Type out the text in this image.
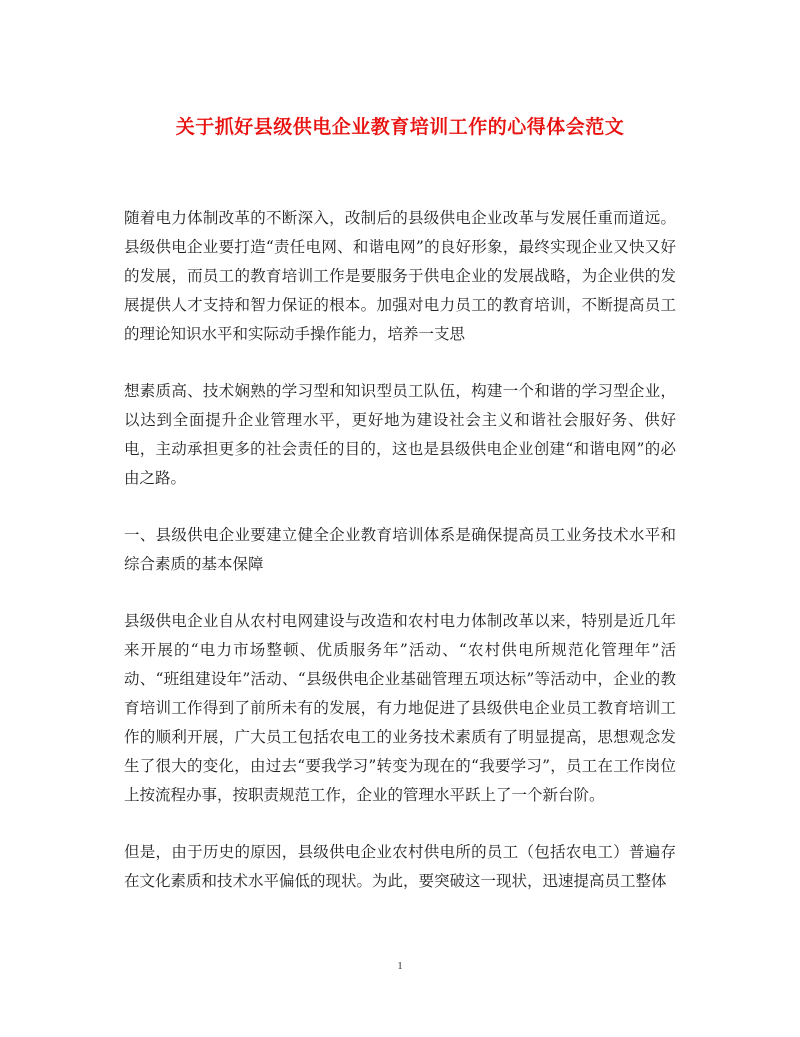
关于抓好县级供电企业教育培训工作的心得体会范文

随着电力体制改革的不断深入，改制后的县级供电企业改革与发展任重而道远。县级供电企业要打造“责任电网、和谐电网”的良好形象，最终实现企业又快又好的发展，而员工的教育培训工作是要服务于供电企业的发展战略，为企业供的发展提供人才支持和智力保证的根本。加强对电力员工的教育培训，不断提高员工的理论知识水平和实际动手操作能力，培养一支思

想素质高、技术娴熟的学习型和知识型员工队伍，构建一个和谐的学习型企业，以达到全面提升企业管理水平，更好地为建设社会主义和谐社会服好务、供好电，主动承担更多的社会责任的目的，这也是县级供电企业创建“和谐电网”的必由之路。

一、县级供电企业要建立健全企业教育培训体系是确保提高员工业务技术水平和综合素质的基本保障

县级供电企业自从农村电网建设与改造和农村电力体制改革以来，特别是近几年来开展的“电力市场整顿、优质服务年”活动、“农村供电所规范化管理年”活动、“班组建设年”活动、“县级供电企业基础管理五项达标”等活动中，企业的教育培训工作得到了前所未有的发展，有力地促进了县级供电企业员工教育培训工作的顺利开展，广大员工包括农电工的业务技术素质有了明显提高，思想观念发生了很大的变化，由过去“要我学习”转变为现在的“我要学习”，员工在工作岗位上按流程办事，按职责规范工作，企业的管理水平跃上了一个新台阶。

但是，由于历史的原因，县级供电企业农村供电所的员工（包括农电工）普遍存在文化素质和技术水平偏低的现状。为此，要突破这一现状，迅速提高员工整体

1
